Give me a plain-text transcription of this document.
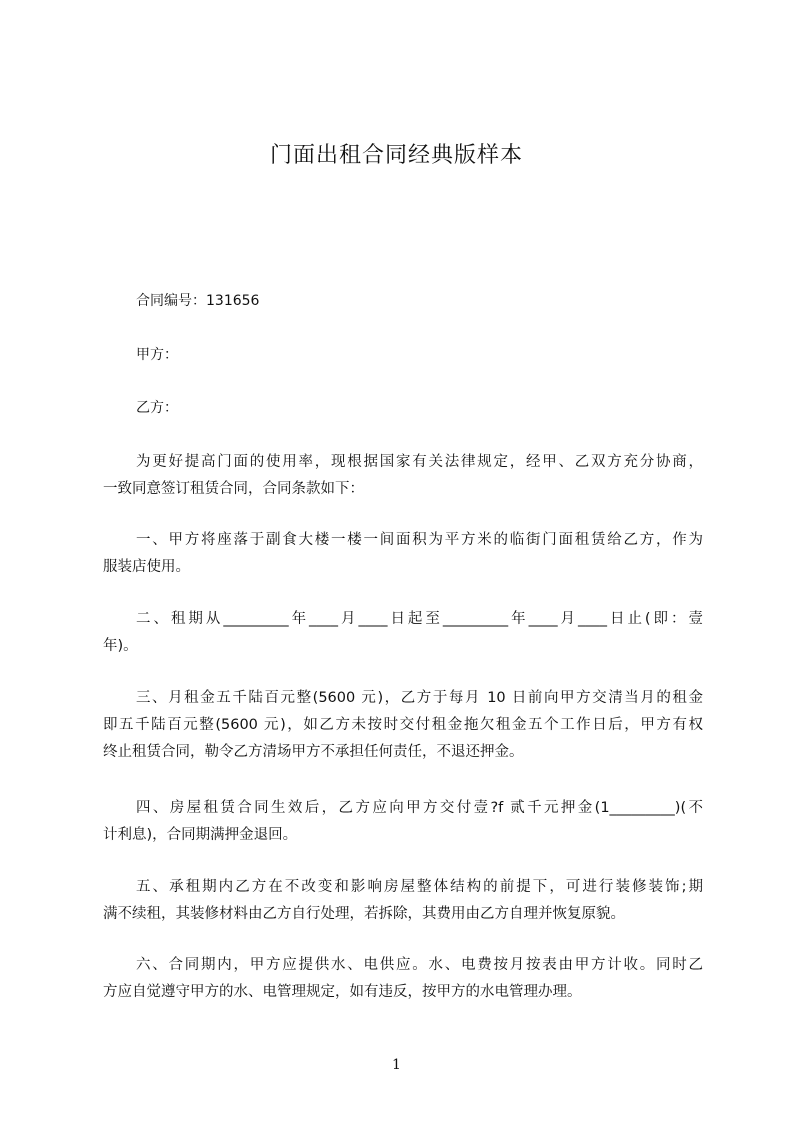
门面出租合同经典版样本
合同编号：131656
甲方：
乙方：

为更好提高门面的使用率，现根据国家有关法律规定，经甲、乙双方充分协商，
一致同意签订租赁合同，合同条款如下：

一、甲方将座落于副食大楼一楼一间面积为平方米的临街门面租赁给乙方，作为
服装店使用。

二、租期从_________年____月____日起至_________年____月____日止(即：壹
年)。

三、月租金五千陆百元整(5600 元)，乙方于每月 10 日前向甲方交清当月的租金
即五千陆百元整(5600 元)，如乙方未按时交付租金拖欠租金五个工作日后，甲方有权
终止租赁合同，勒令乙方清场甲方不承担任何责任，不退还押金。

四、房屋租赁合同生效后，乙方应向甲方交付壹?f 贰千元押金(1_________)(不
计利息)，合同期满押金退回。

五、承租期内乙方在不改变和影响房屋整体结构的前提下，可进行装修装饰;期
满不续租，其装修材料由乙方自行处理，若拆除，其费用由乙方自理并恢复原貌。

六、合同期内，甲方应提供水、电供应。水、电费按月按表由甲方计收。同时乙
方应自觉遵守甲方的水、电管理规定，如有违反，按甲方的水电管理办理。

1
